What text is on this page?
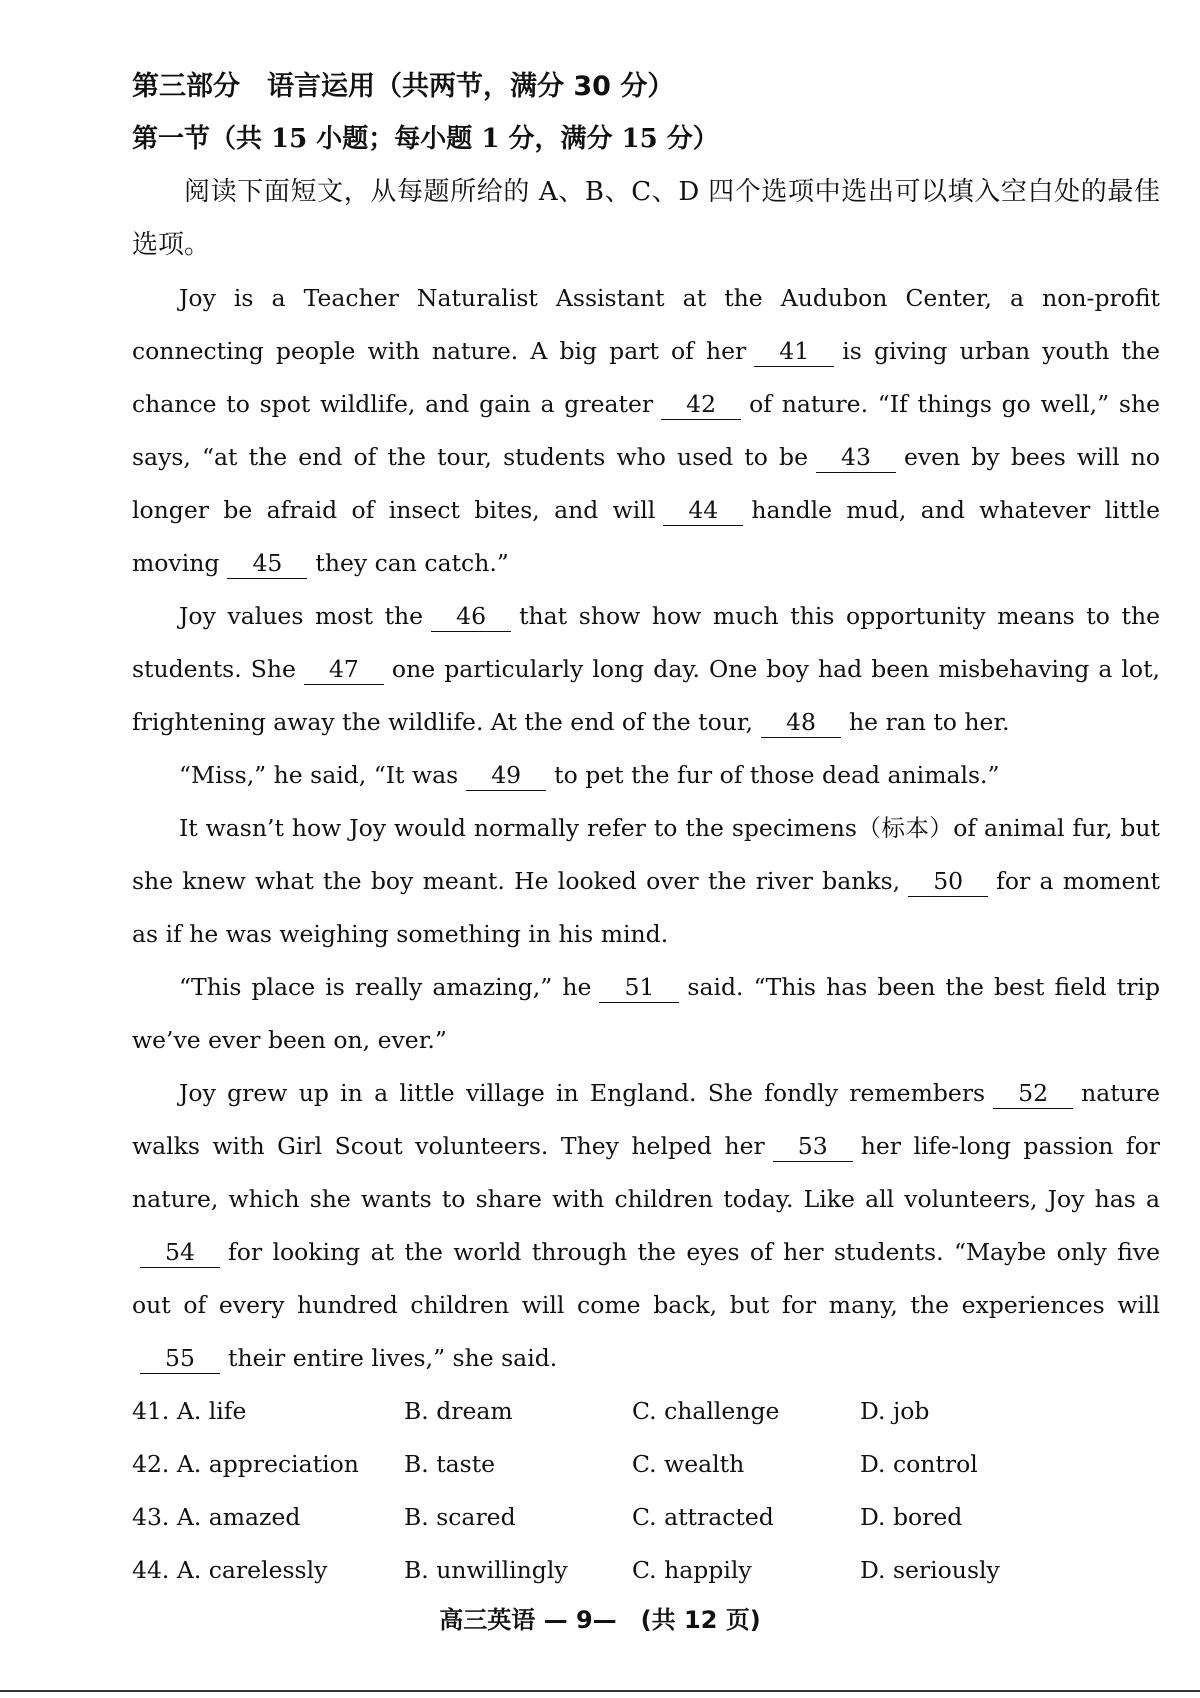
第三部分　语言运用（共两节，满分 30 分）
第一节（共 15 小题；每小题 1 分，满分 15 分）

阅读下面短文，从每题所给的 A、B、C、D 四个选项中选出可以填入空白处的最佳选项。

Joy is a Teacher Naturalist Assistant at the Audubon Center, a non-profit connecting people with nature. A big part of her 41 is giving urban youth the chance to spot wildlife, and gain a greater 42 of nature. “If things go well,” she says, “at the end of the tour, students who used to be 43 even by bees will no longer be afraid of insect bites, and will 44 handle mud, and whatever little moving 45 they can catch.”

Joy values most the 46 that show how much this opportunity means to the students. She 47 one particularly long day. One boy had been misbehaving a lot, frightening away the wildlife. At the end of the tour, 48 he ran to her.

“Miss,” he said, “It was 49 to pet the fur of those dead animals.”

It wasn’t how Joy would normally refer to the specimens（标本）of animal fur, but she knew what the boy meant. He looked over the river banks, 50 for a moment as if he was weighing something in his mind.

“This place is really amazing,” he 51 said. “This has been the best field trip we’ve ever been on, ever.”

Joy grew up in a little village in England. She fondly remembers 52 nature walks with Girl Scout volunteers. They helped her 53 her life-long passion for nature, which she wants to share with children today. Like all volunteers, Joy has a54 for looking at the world through the eyes of her students. “Maybe only five out of every hundred children will come back, but for many, the experiences will55 their entire lives,” she said.

41. A. life	B. dream	C. challenge	D. job
42. A. appreciation	B. taste	C. wealth	D. control
43. A. amazed	B. scared	C. attracted	D. bored
44. A. carelessly	B. unwillingly	C. happily	D. seriously
高三英语 — 9—　(共 12 页)
